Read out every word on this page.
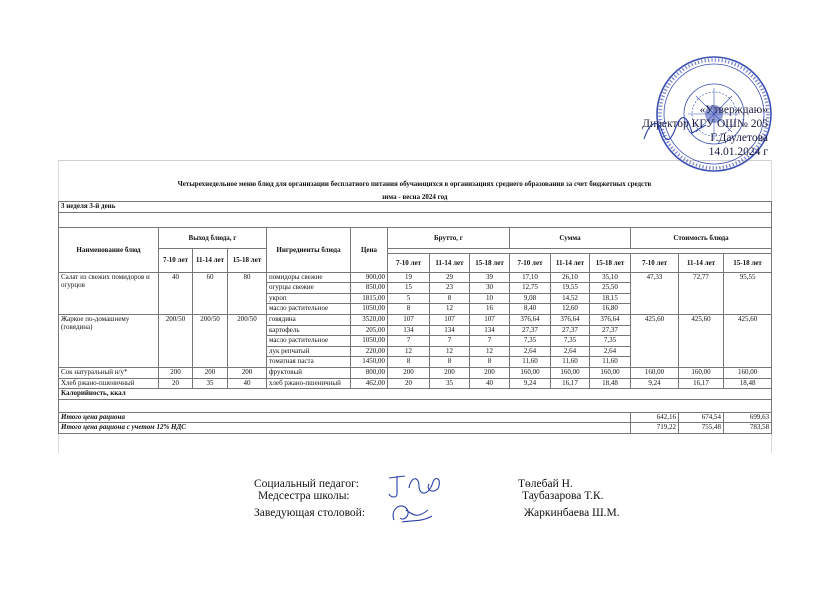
«Утверждаю»
Директор КГУ ОШ№ 205
Г.Даулетова
14.01.2024 г
Четырехнедельное меню блюд для организации бесплатного питания обучающихся в организациях среднего образования за счет бюджетных средств
зима - весна 2024 год
3 неделя 3-й день														

Наименование блюд	Выход блюда, г			Ингредиенты блюда	Цена	Брутто, г			Сумма			Стоимость блюда		
	7-10 лет	11-14 лет	15-18 лет											
						7-10 лет	11-14 лет	15-18 лет	7-10 лет	11-14 лет	15-18 лет	7-10 лет	11-14 лет	15-18 лет
Салат из свежих помидоров и огурцов	40	60	80	помидоры свежие	900,00	19	29	39	17,10	26,10	35,10	47,33	72,77	95,55
				огурцы свежие	850,00	15	23	30	12,75	19,55	25,50			
				укроп	1815,00	5	8	10	9,08	14,52	18,15			
				масло растительное	1050,00	8	12	16	8,40	12,60	16,80			
Жаркое по-домашнему (говядина)	200/50	200/50	200/50	говядина	3520,00	107	107	107	376,64	376,64	376,64	425,60	425,60	425,60
				картофель	205,00	134	134	134	27,37	27,37	27,37			
				масло растительное	1050,00	7	7	7	7,35	7,35	7,35			
				лук репчатый	220,00	12	12	12	2,64	2,64	2,64			
				томатная паста	1450,00	8	8	8	11,60	11,60	11,60			
Сок натуральный н/у*	200	200	200	фруктовый	800,00	200	200	200	160,00	160,00	160,00	160,00	160,00	160,00
Хлеб ржано-пшеничный	20	35	40	хлеб ржано-пшеничный	462,00	20	35	40	9,24	16,17	18,48	9,24	16,17	18,48
Калорийность, ккал														

Итого цена рациона												642,16	674,54	699,63
Итого цена рациона с учетом 12% НДС												719,22	755,48	783,58
Социальный педагог:	Төлебай Н.
Медсестра школы:	Таубазарова Т.К.
Заведующая столовой:	Жаркинбаева Ш.М.
